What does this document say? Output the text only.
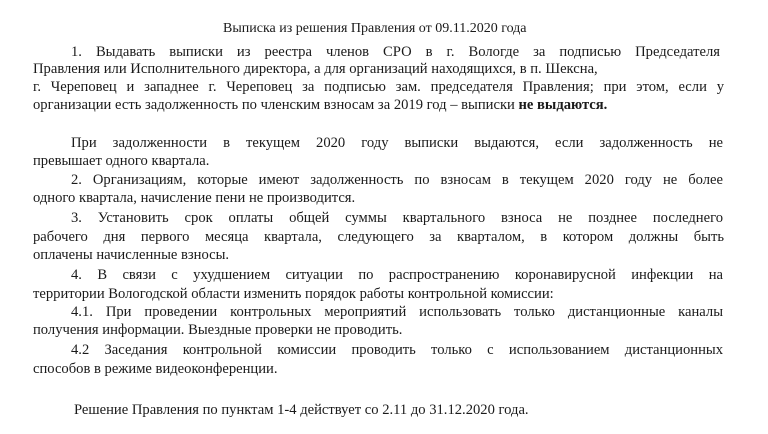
Выписка из решения Правления от 09.11.2020 года
1. Выдавать выписки из реестра членов СРО в г. Вологде за подписью Председателя
Правления или Исполнительного директора, а для организаций находящихся, в п. Шексна,
г. Череповец и западнее г. Череповец за подписью зам. председателя Правления; при этом, если у
организации есть задолженность по членским взносам за 2019 год – выписки не выдаются.
При задолженности в текущем 2020 году выписки выдаются, если задолженность не
превышает одного квартала.
2. Организациям, которые имеют задолженность по взносам в текущем 2020 году не более
одного квартала, начисление пени не производится.
3. Установить срок оплаты общей суммы квартального взноса не позднее последнего
рабочего дня первого месяца квартала, следующего за кварталом, в котором должны быть
оплачены начисленные взносы.
4. В связи с ухудшением ситуации по распространению коронавирусной инфекции на
территории Вологодской области изменить порядок работы контрольной комиссии:
4.1. При проведении контрольных мероприятий использовать только дистанционные каналы
получения информации. Выездные проверки не проводить.
4.2 Заседания контрольной комиссии проводить только с использованием дистанционных
способов в режиме видеоконференции.
Решение Правления по пунктам 1-4 действует со 2.11 до 31.12.2020 года.
